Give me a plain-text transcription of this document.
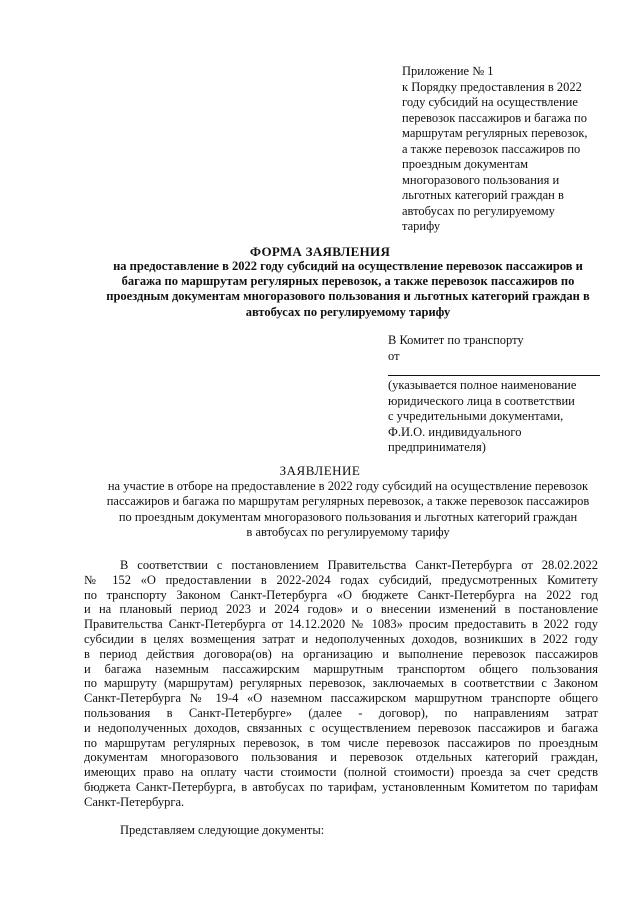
Приложение № 1
к Порядку предоставления в 2022
году субсидий на осуществление
перевозок пассажиров и багажа по
маршрутам регулярных перевозок,
а также перевозок пассажиров по
проездным документам
многоразового пользования и
льготных категорий граждан в
автобусах по регулируемому
тарифу
ФОРМА ЗАЯВЛЕНИЯ
на предоставление в 2022 году субсидий на осуществление перевозок пассажиров и
багажа по маршрутам регулярных перевозок, а также перевозок пассажиров по
проездным документам многоразового пользования и льготных категорий граждан в
автобусах по регулируемому тарифу
В Комитет по транспорту
от
(указывается полное наименование
юридического лица в соответствии
с учредительными документами,
Ф.И.О. индивидуального
предпринимателя)
ЗАЯВЛЕНИЕ
на участие в отборе на предоставление в 2022 году субсидий на осуществление перевозок
пассажиров и багажа по маршрутам регулярных перевозок, а также перевозок пассажиров
по проездным документам многоразового пользования и льготных категорий граждан
в автобусах по регулируемому тарифу
В соответствии с постановлением Правительства Санкт-Петербурга от 28.02.2022
№ 152 «О предоставлении в 2022-2024 годах субсидий, предусмотренных Комитету
по транспорту Законом Санкт-Петербурга «О бюджете Санкт-Петербурга на 2022 год
и на плановый период 2023 и 2024 годов» и о внесении изменений в постановление
Правительства Санкт-Петербурга от 14.12.2020 № 1083» просим предоставить в 2022 году
субсидии в целях возмещения затрат и недополученных доходов, возникших в 2022 году
в период действия договора(ов) на организацию и выполнение перевозок пассажиров
и багажа наземным пассажирским маршрутным транспортом общего пользования
по маршруту (маршрутам) регулярных перевозок, заключаемых в соответствии с Законом
Санкт-Петербурга № 19-4 «О наземном пассажирском маршрутном транспорте общего
пользования в Санкт-Петербурге» (далее - договор), по направлениям затрат
и недополученных доходов, связанных с осуществлением перевозок пассажиров и багажа
по маршрутам регулярных перевозок, в том числе перевозок пассажиров по проездным
документам многоразового пользования и перевозок отдельных категорий граждан,
имеющих право на оплату части стоимости (полной стоимости) проезда за счет средств
бюджета Санкт-Петербурга, в автобусах по тарифам, установленным Комитетом по тарифам
Санкт-Петербурга.
Представляем следующие документы:
